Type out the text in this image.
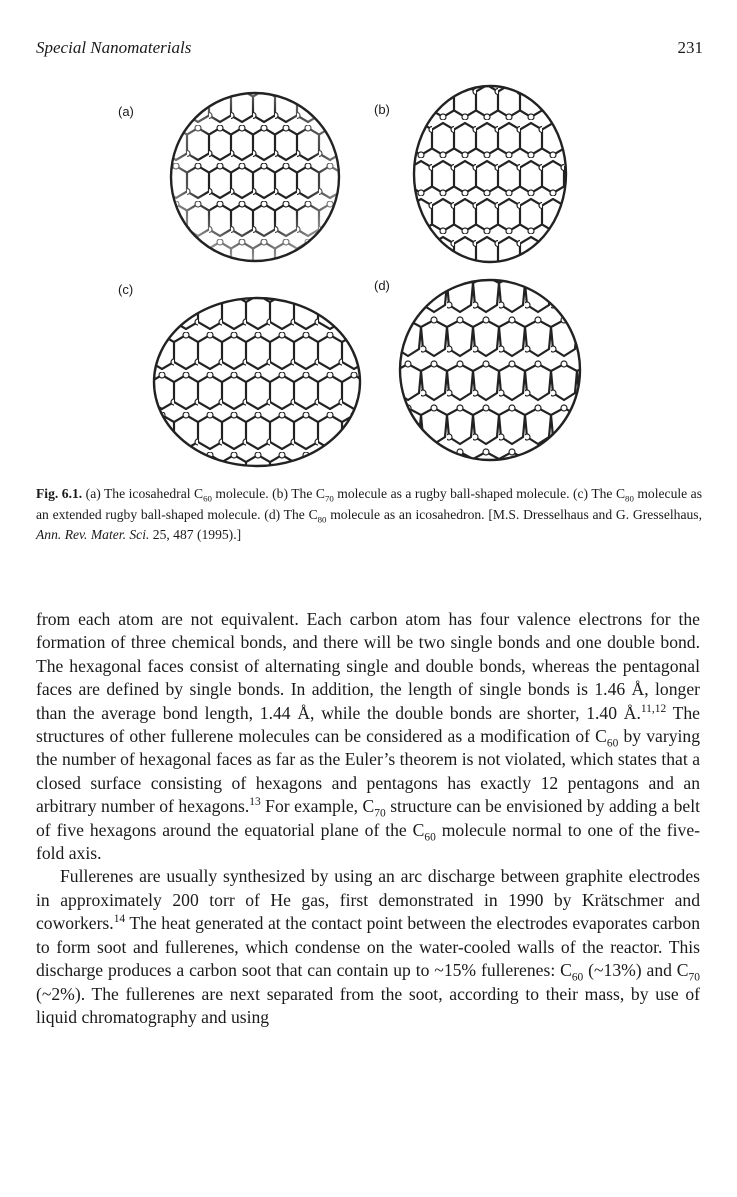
Special Nanomaterials	231
(a)	(b)
(c)	(d)
Fig. 6.1. (a) The icosahedral $C_{60}$ molecule. (b) The $C_{70}$ molecule as a rugby ball-shaped molecule. (c) The $C_{80}$ molecule as an extended rugby ball-shaped molecule. (d) The $C_{80}$ molecule as an icosahedron. [M.S. Dresselhaus and G. Gresselhaus, Ann. Rev. Mater. Sci. 25, 487 (1995).]

from each atom are not equivalent. Each carbon atom has four valence electrons for the formation of three chemical bonds, and there will be two single bonds and one double bond. The hexagonal faces consist of alternating single and double bonds, whereas the pentagonal faces are defined by single bonds. In addition, the length of single bonds is 1.46 Å, longer than the average bond length, 1.44 Å, while the double bonds are shorter, 1.40 Å.$^{11,12}$ The structures of other fullerene molecules can be considered as a modification of $C_{60}$ by varying the number of hexagonal faces as far as the Euler’s theorem is not violated, which states that a closed surface consisting of hexagons and pentagons has exactly 12 pentagons and an arbitrary number of hexagons.$^{13}$ For example, $C_{70}$ structure can be envisioned by adding a belt of five hexagons around the equatorial plane of the $C_{60}$ molecule normal to one of the five-fold axis.

Fullerenes are usually synthesized by using an arc discharge between graphite electrodes in approximately 200 torr of He gas, first demonstrated in 1990 by Krätschmer and coworkers.$^{14}$ The heat generated at the contact point between the electrodes evaporates carbon to form soot and fullerenes, which condense on the water-cooled walls of the reactor. This discharge produces a carbon soot that can contain up to ~15% fullerenes: $C_{60}$ (~13%) and $C_{70}$ (~2%). The fullerenes are next separated from the soot, according to their mass, by use of liquid chromatography and using
